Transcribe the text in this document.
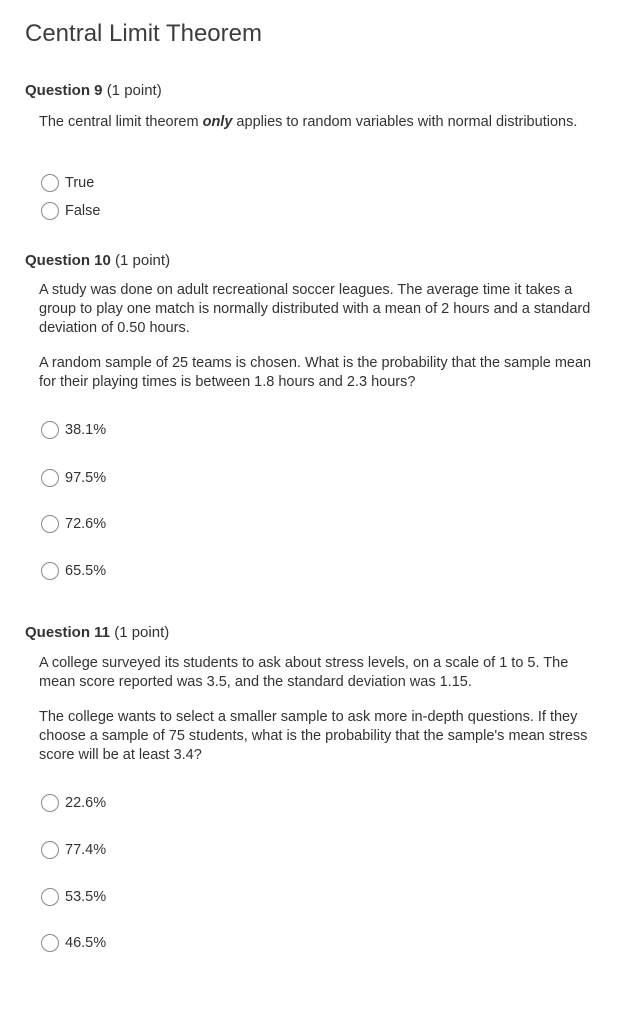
Central Limit Theorem
Question 9 (1 point)

The central limit theorem only applies to random variables with normal distributions.

True
False
Question 10 (1 point)

A study was done on adult recreational soccer leagues. The average time it takes a group to play one match is normally distributed with a mean of 2 hours and a standard deviation of 0.50 hours.

A random sample of 25 teams is chosen. What is the probability that the sample mean for their playing times is between 1.8 hours and 2.3 hours?

38.1%
97.5%
72.6%
65.5%
Question 11 (1 point)

A college surveyed its students to ask about stress levels, on a scale of 1 to 5. The mean score reported was 3.5, and the standard deviation was 1.15.

The college wants to select a smaller sample to ask more in-depth questions. If they choose a sample of 75 students, what is the probability that the sample's mean stress score will be at least 3.4?

22.6%
77.4%
53.5%
46.5%
